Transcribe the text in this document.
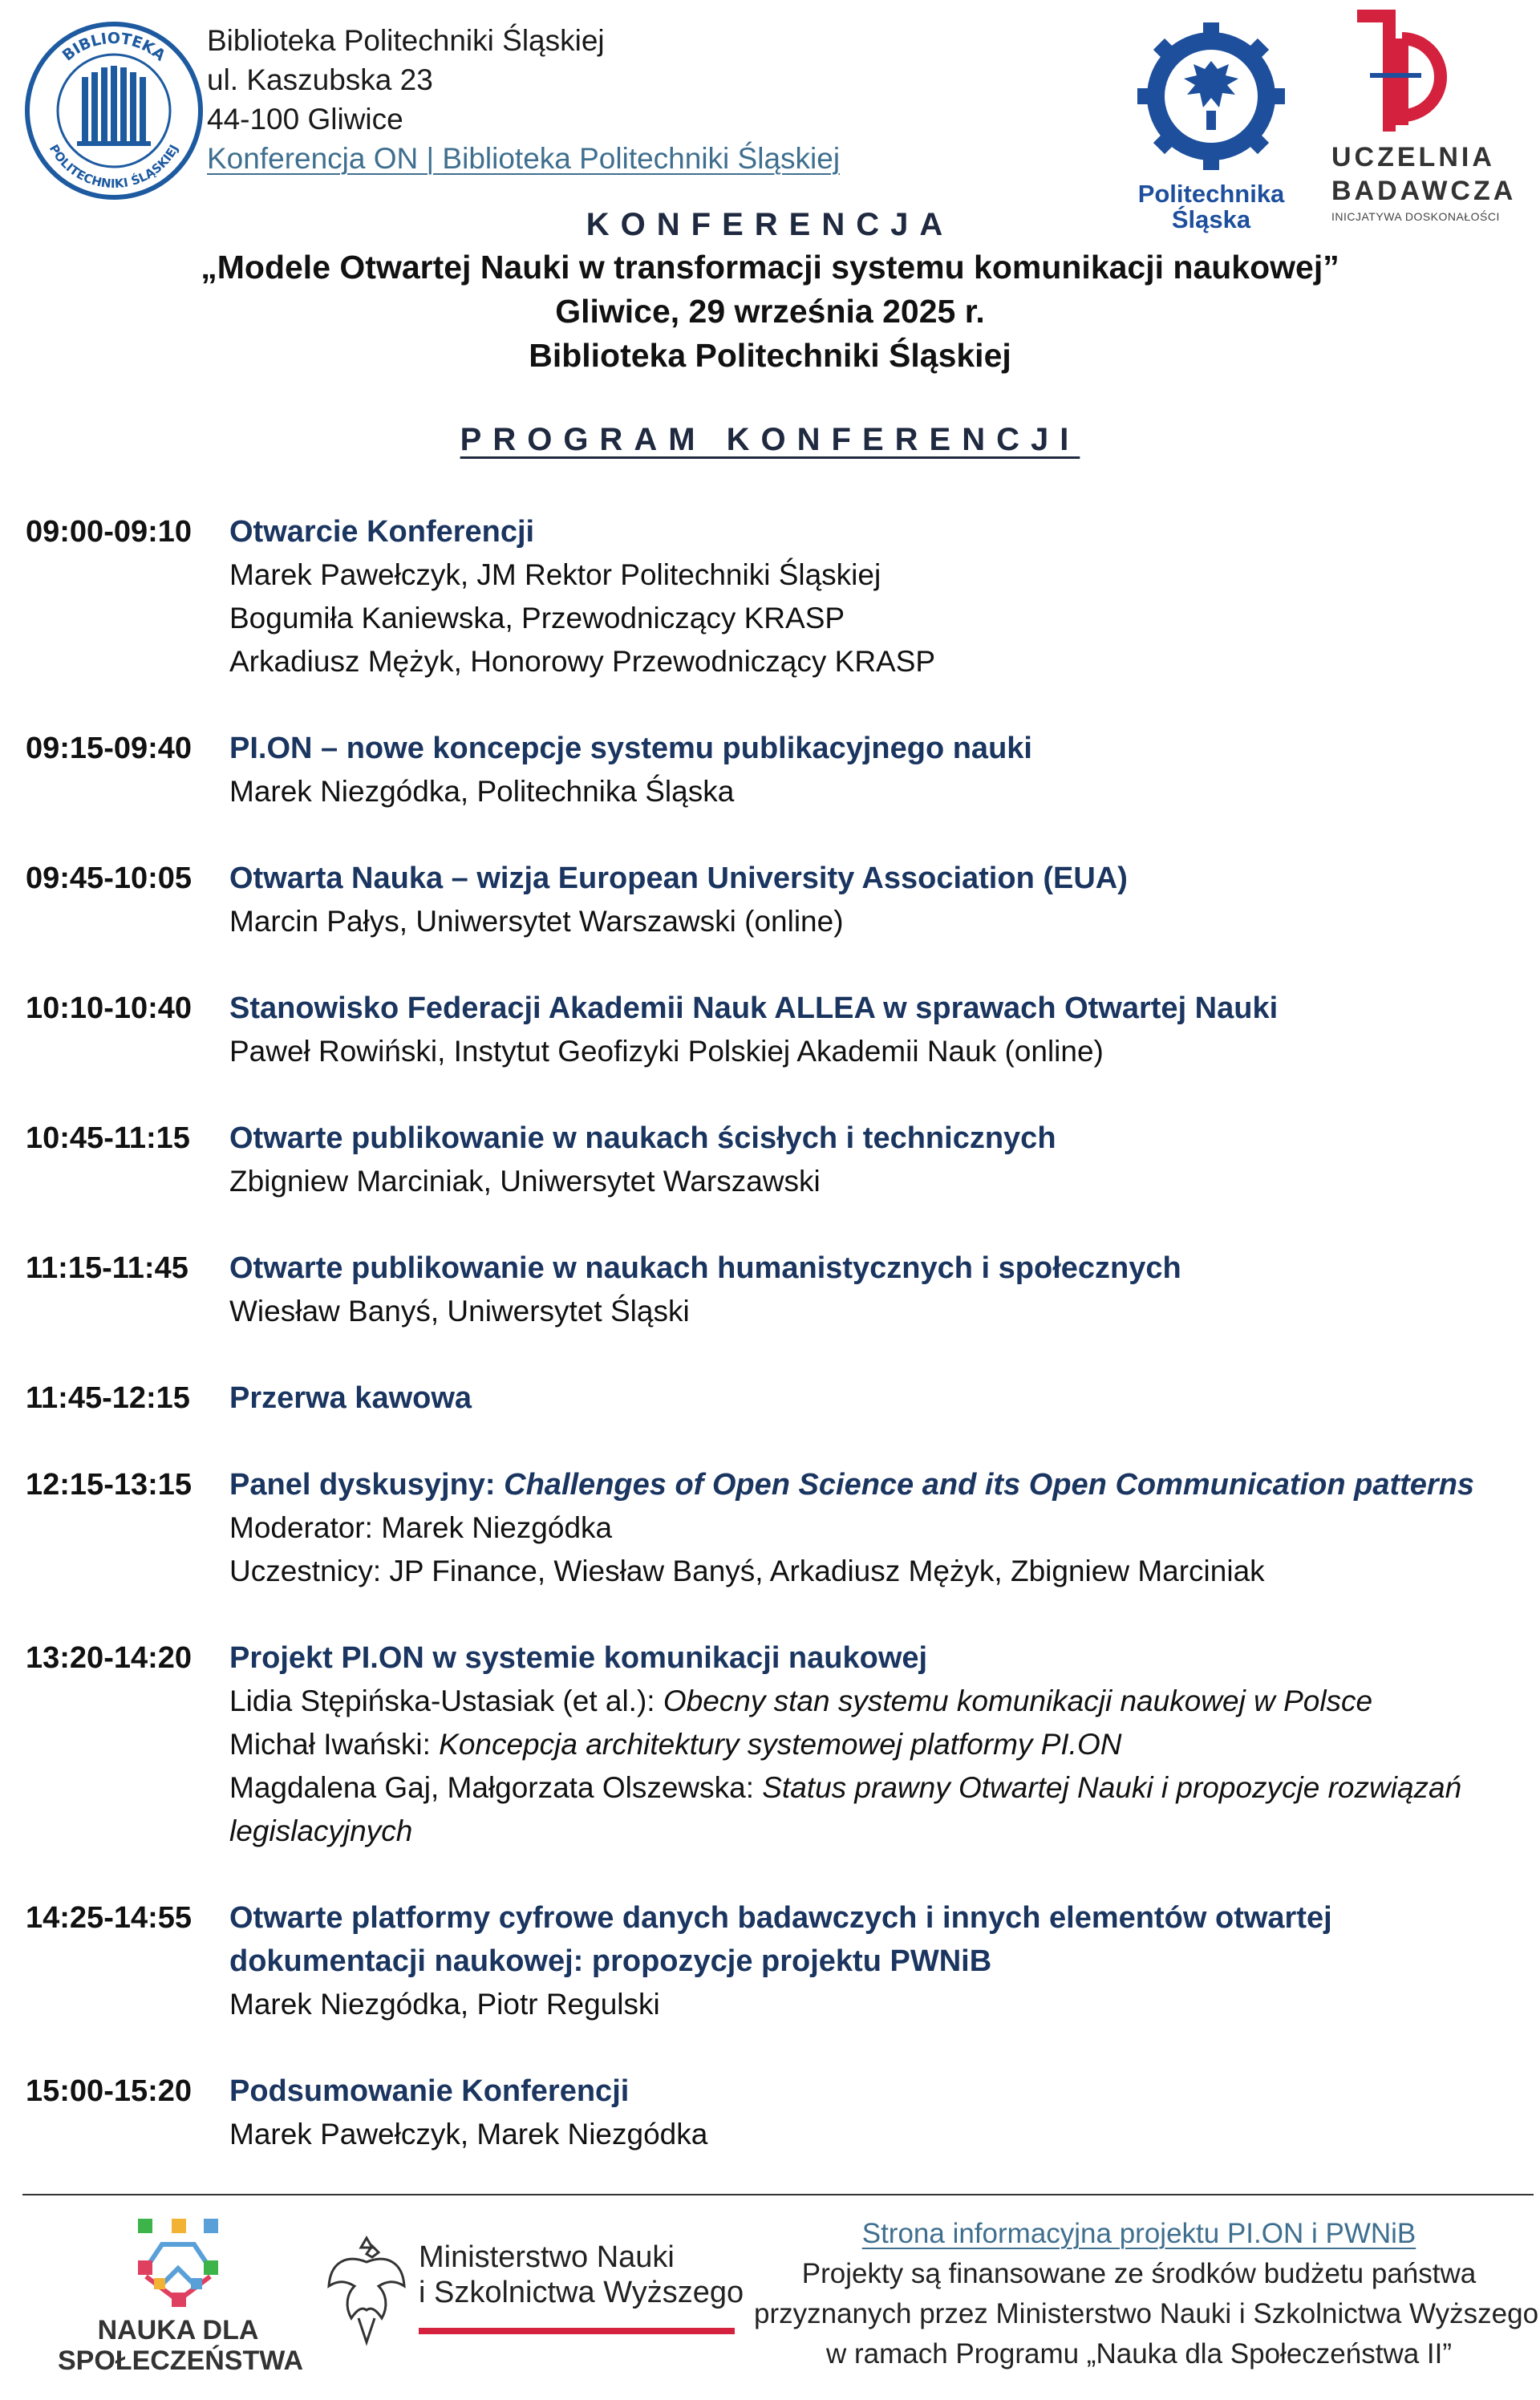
BIBLIOTEKA
POLITECHNIKI ŚLĄSKIEJ
Biblioteka Politechniki Śląskiej
ul. Kaszubska 23
44-100 Gliwice
Konferencja ON | Biblioteka Politechniki Śląskiej
Politechnika
Śląska
UCZELNIA
BADAWCZA
INICJATYWA DOSKONAŁOŚCI
KONFERENCJA
„Modele Otwartej Nauki w transformacji systemu komunikacji naukowej”
Gliwice, 29 września 2025 r.
Biblioteka Politechniki Śląskiej
PROGRAM KONFERENCJI
09:00-09:10	Otwarcie Konferencji
Marek Pawełczyk, JM Rektor Politechniki Śląskiej
Bogumiła Kaniewska, Przewodniczący KRASP
Arkadiusz Mężyk, Honorowy Przewodniczący KRASP
09:15-09:40	PI.ON – nowe koncepcje systemu publikacyjnego nauki
Marek Niezgódka, Politechnika Śląska
09:45-10:05	Otwarta Nauka – wizja European University Association (EUA)
Marcin Pałys, Uniwersytet Warszawski (online)
10:10-10:40	Stanowisko Federacji Akademii Nauk ALLEA w sprawach Otwartej Nauki
Paweł Rowiński, Instytut Geofizyki Polskiej Akademii Nauk (online)
10:45-11:15	Otwarte publikowanie w naukach ścisłych i technicznych
Zbigniew Marciniak, Uniwersytet Warszawski
11:15-11:45	Otwarte publikowanie w naukach humanistycznych i społecznych
Wiesław Banyś, Uniwersytet Śląski
11:45-12:15	Przerwa kawowa
12:15-13:15	Panel dyskusyjny: Challenges of Open Science and its Open Communication patterns
Moderator: Marek Niezgódka
Uczestnicy: JP Finance, Wiesław Banyś, Arkadiusz Mężyk, Zbigniew Marciniak
13:20-14:20	Projekt PI.ON w systemie komunikacji naukowej
Lidia Stępińska-Ustasiak (et al.): Obecny stan systemu komunikacji naukowej w Polsce
Michał Iwański: Koncepcja architektury systemowej platformy PI.ON
Magdalena Gaj, Małgorzata Olszewska: Status prawny Otwartej Nauki i propozycje rozwiązań legislacyjnych
14:25-14:55	Otwarte platformy cyfrowe danych badawczych i innych elementów otwartej dokumentacji naukowej: propozycje projektu PWNiB
Marek Niezgódka, Piotr Regulski
15:00-15:20	Podsumowanie Konferencji
Marek Pawełczyk, Marek Niezgódka
NAUKA DLA
SPOŁECZEŃSTWA
Ministerstwo Nauki
i Szkolnictwa Wyższego
Strona informacyjna projektu PI.ON i PWNiB
Projekty są finansowane ze środków budżetu państwa
przyznanych przez Ministerstwo Nauki i Szkolnictwa Wyższego
w ramach Programu „Nauka dla Społeczeństwa II”
